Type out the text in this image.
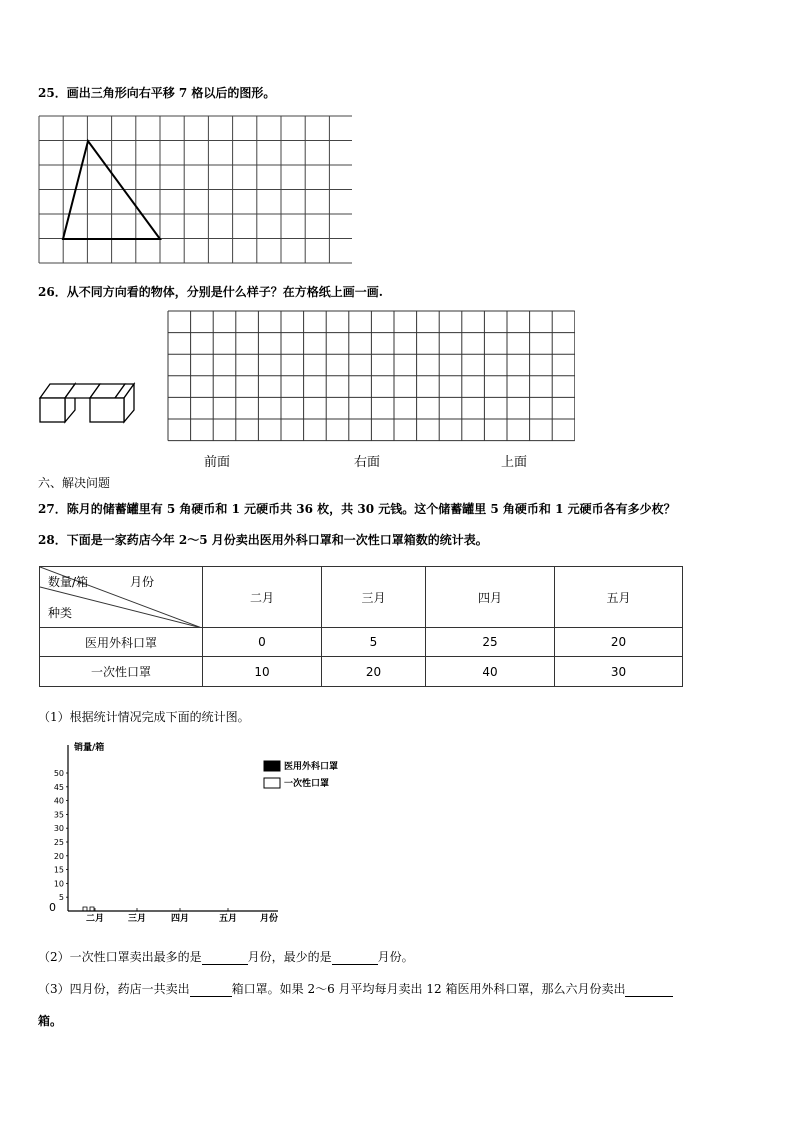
25．画出三角形向右平移 7 格以后的图形。
26．从不同方向看的物体，分别是什么样子？在方格纸上画一画.
前面	右面	上面
六、解决问题
27．陈月的储蓄罐里有 5 角硬币和 1 元硬币共 36 枚，共 30 元钱。这个储蓄罐里 5 角硬币和 1 元硬币各有多少枚？
28．下面是一家药店今年 2～5 月份卖出医用外科口罩和一次性口罩箱数的统计表。
数量/箱 月份
种类	二月	三月	四月	五月
医用外科口罩	0	5	25	20
一次性口罩	10	20	40	30
（1）根据统计情况完成下面的统计图。
销量/箱
0
5
10
15
20
25
30
35
40
45
50
二月	三月	四月	五月	月份
医用外科口罩
一次性口罩
（2）一次性口罩卖出最多的是	月份，最少的是	月份。
（3）四月份，药店一共卖出	箱口罩。如果 2～6 月平均每月卖出 12 箱医用外科口罩，那么六月份卖出
箱。
